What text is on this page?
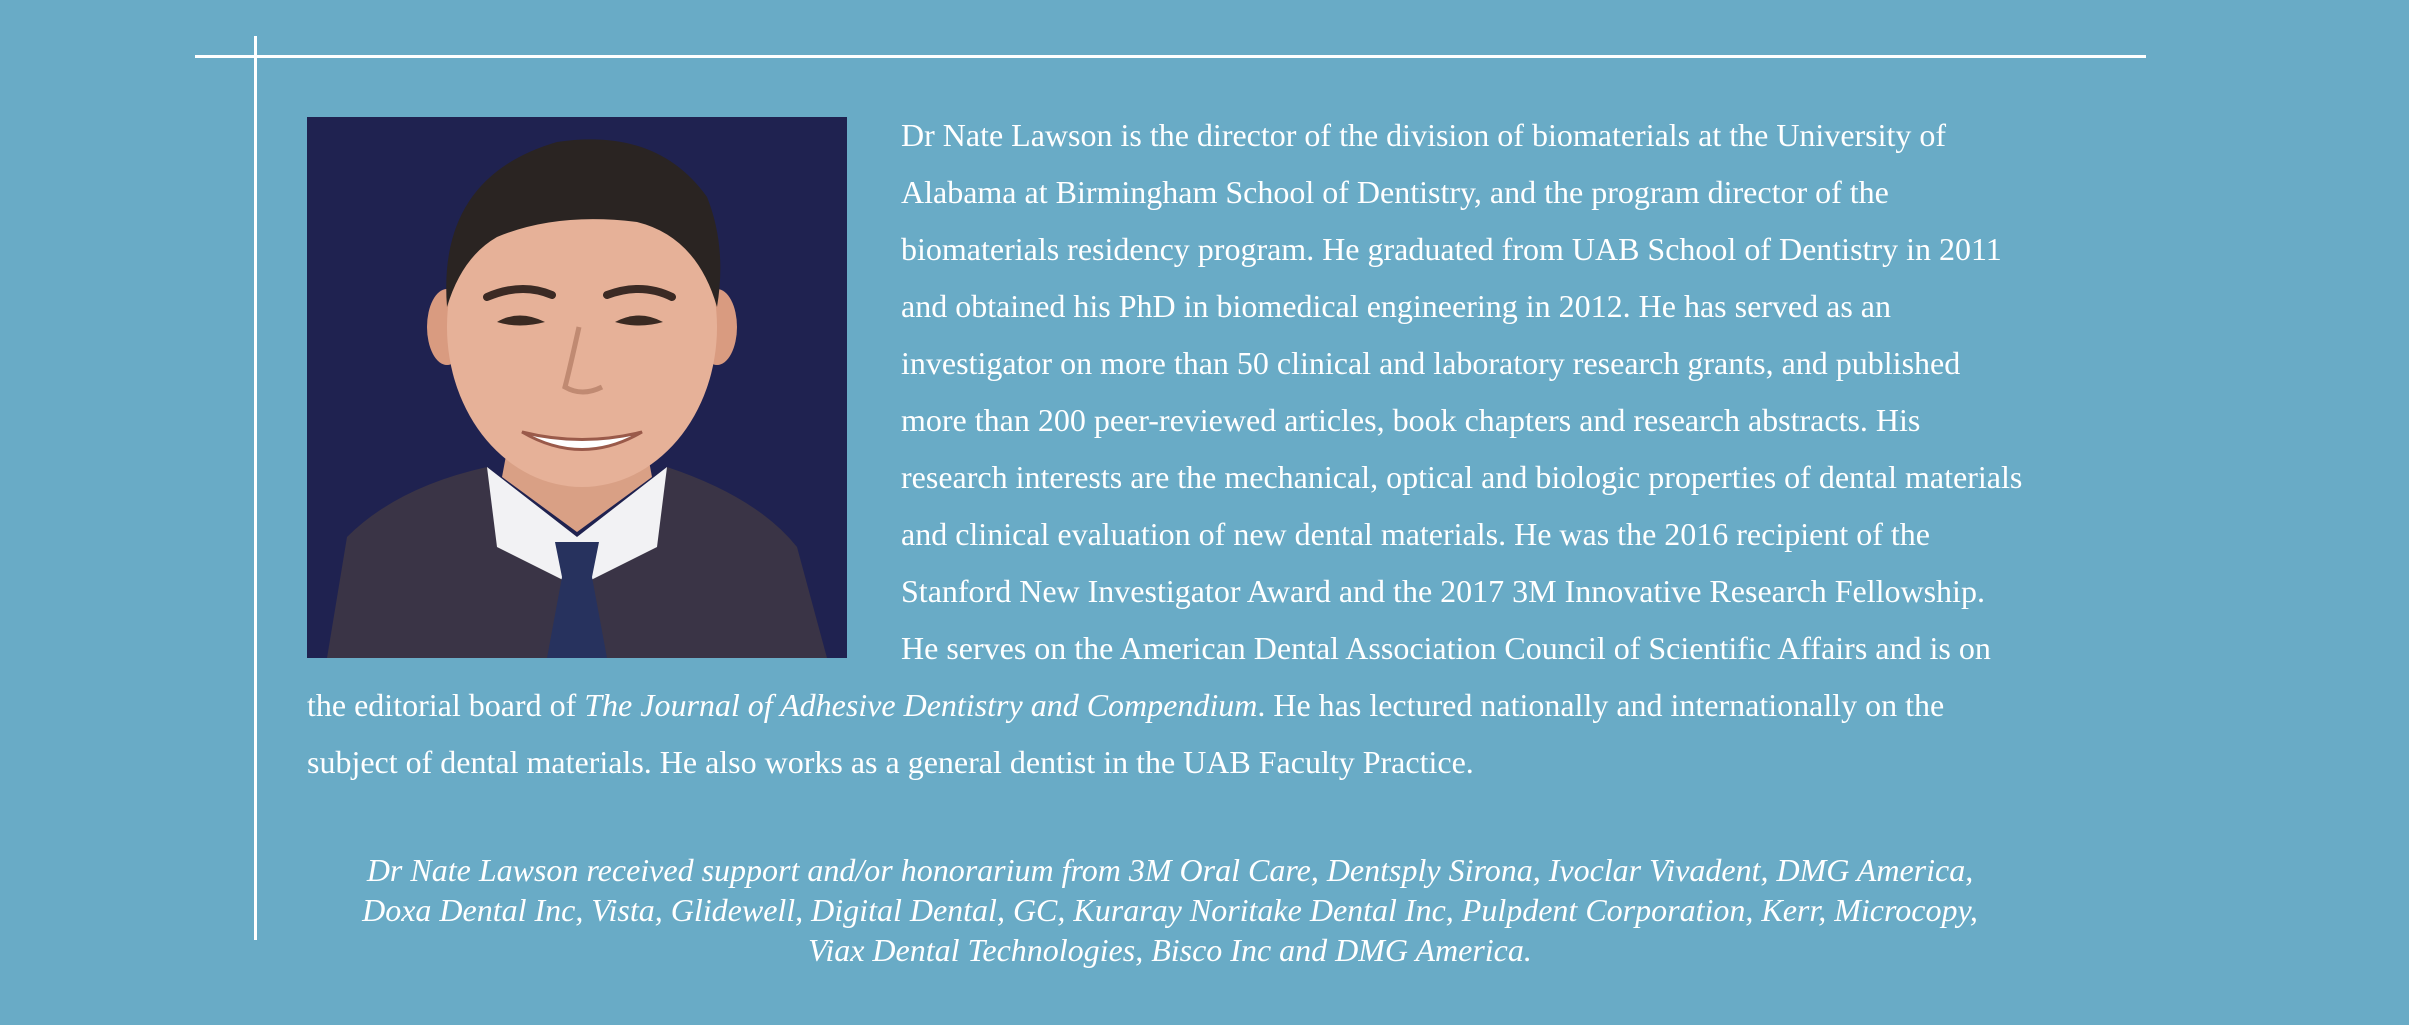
Dr Nate Lawson is the director of the division of biomaterials at the University of Alabama at Birmingham School of Dentistry, and the program director of the biomaterials residency program. He graduated from UAB School of Dentistry in 2011 and obtained his PhD in biomedical engineering in 2012. He has served as an investigator on more than 50 clinical and laboratory research grants, and published more than 200 peer-reviewed articles, book chapters and research abstracts. His research interests are the mechanical, optical and biologic properties of dental materials and clinical evaluation of new dental materials. He was the 2016 recipient of the Stanford New Investigator Award and the 2017 3M Innovative Research Fellowship. He serves on the American Dental Association Council of Scientific Affairs and is on the editorial board of The Journal of Adhesive Dentistry and Compendium. He has lectured nationally and internationally on the subject of dental materials. He also works as a general dentist in the UAB Faculty Practice.

Dr Nate Lawson received support and/or honorarium from 3M Oral Care, Dentsply Sirona, Ivoclar Vivadent, DMG America,

Doxa Dental Inc, Vista, Glidewell, Digital Dental, GC, Kuraray Noritake Dental Inc, Pulpdent Corporation, Kerr, Microcopy,

Viax Dental Technologies, Bisco Inc and DMG America.
